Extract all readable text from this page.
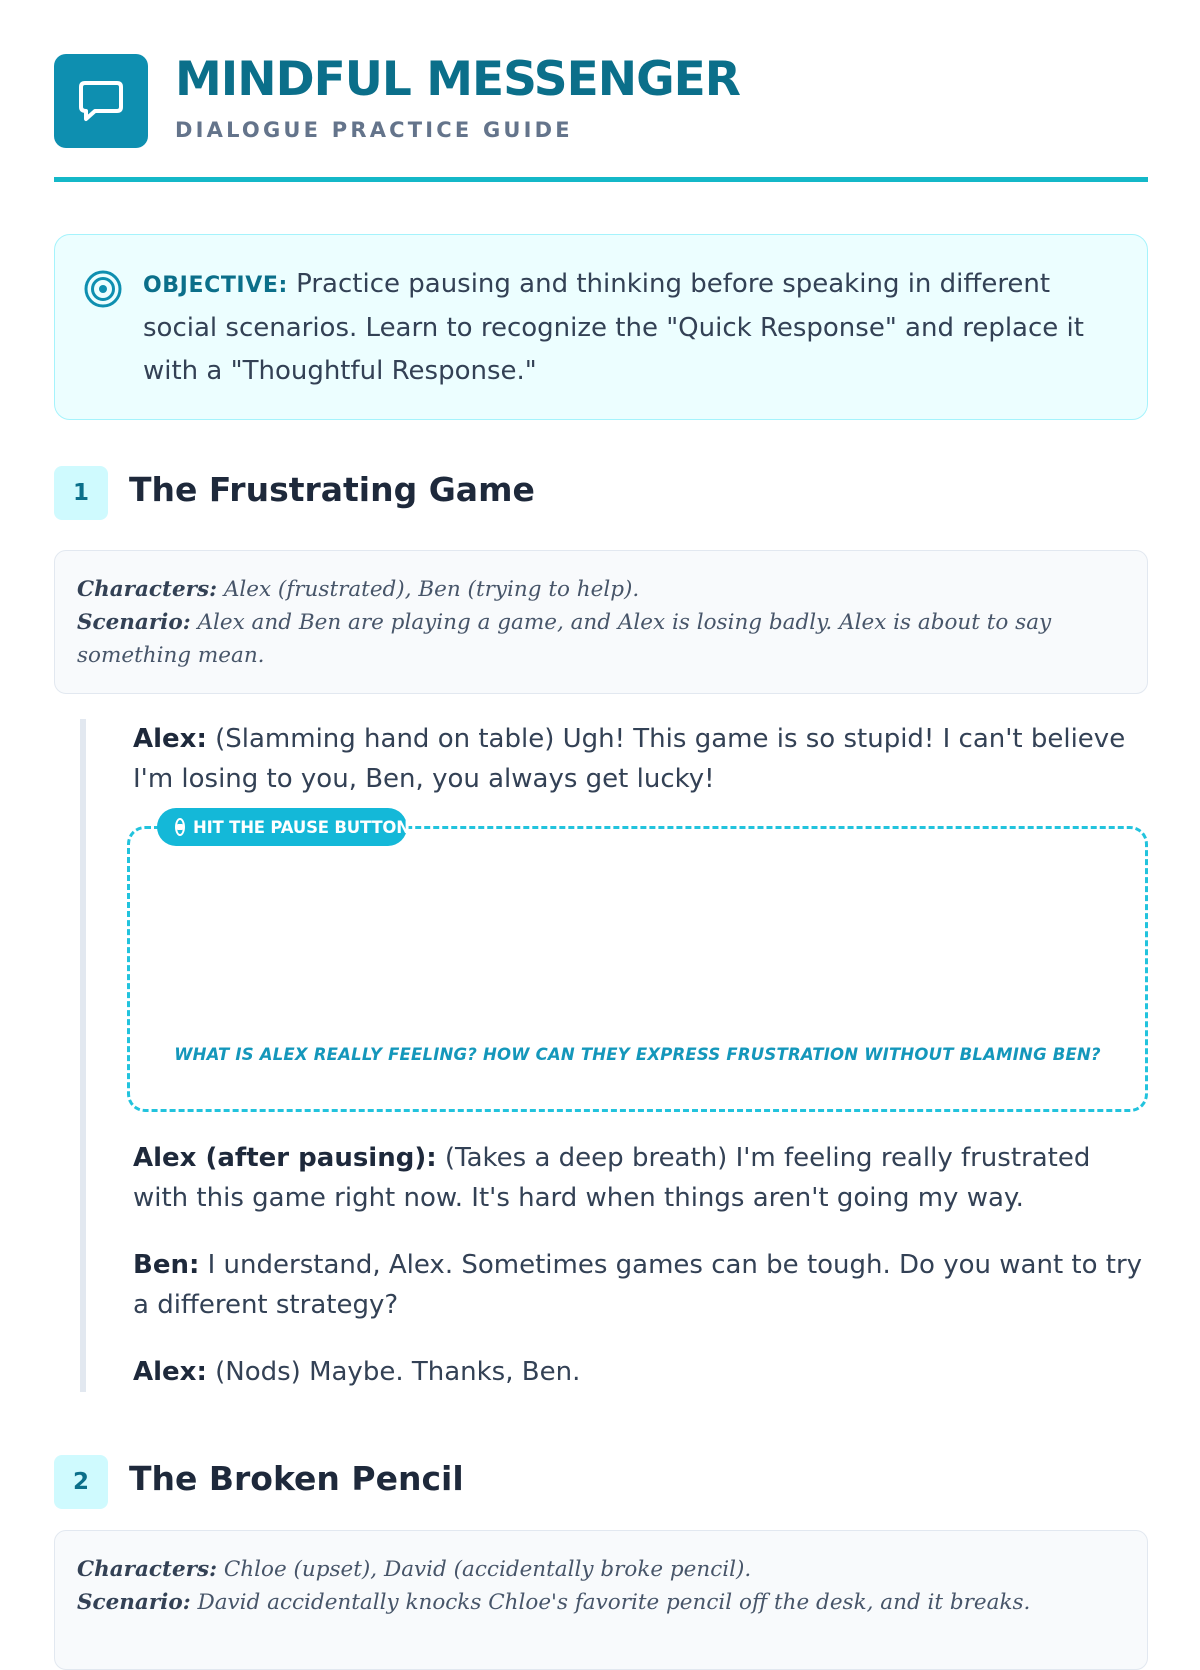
MINDFUL MESSENGER
DIALOGUE PRACTICE GUIDE
OBJECTIVE: Practice pausing and thinking before speaking in different social scenarios. Learn to recognize the "Quick Response" and replace it with a "Thoughtful Response."
1	The Frustrating Game
Characters: Alex (frustrated), Ben (trying to help).
Scenario: Alex and Ben are playing a game, and Alex is losing badly. Alex is about to say something mean.
Alex: (Slamming hand on table) Ugh! This game is so stupid! I can't believe I'm losing to you, Ben, you always get lucky!
Alex (after pausing): (Takes a deep breath) I'm feeling really frustrated with this game right now. It's hard when things aren't going my way.
Ben: I understand, Alex. Sometimes games can be tough. Do you want to try a different strategy?
Alex: (Nods) Maybe. Thanks, Ben.
HIT THE PAUSE BUTTON
WHAT IS ALEX REALLY FEELING? HOW CAN THEY EXPRESS FRUSTRATION WITHOUT BLAMING BEN?
2	The Broken Pencil
Characters: Chloe (upset), David (accidentally broke pencil).
Scenario: David accidentally knocks Chloe's favorite pencil off the desk, and it breaks.
